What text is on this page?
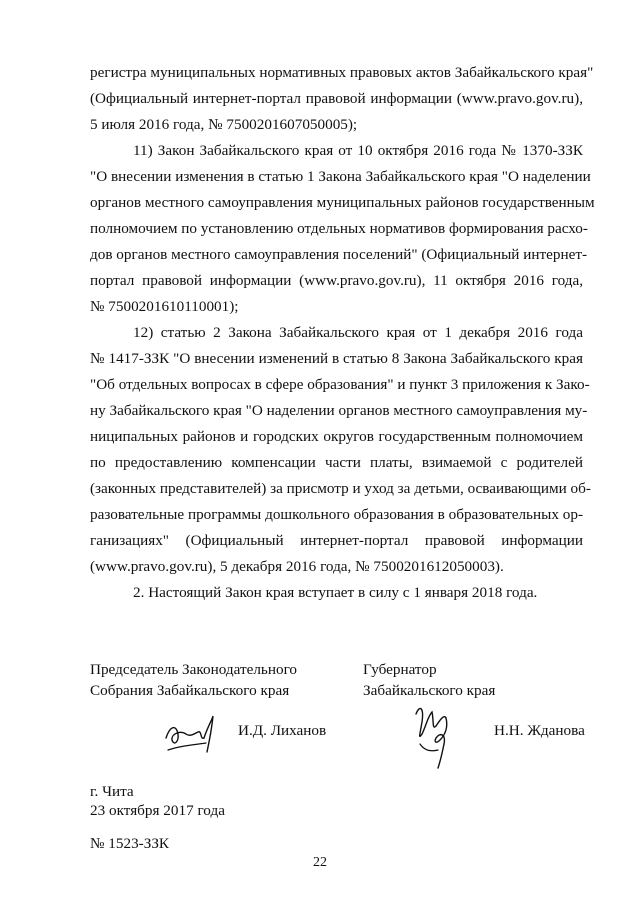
регистра муниципальных нормативных правовых актов Забайкальского края"
(Официальный интернет-портал правовой информации (www.pravo.gov.ru),
5 июля 2016 года, № 7500201607050005);
11) Закон Забайкальского края от 10 октября 2016 года № 1370-ЗЗК
"О внесении изменения в статью 1 Закона Забайкальского края "О наделении
органов местного самоуправления муниципальных районов государственным
полномочием по установлению отдельных нормативов формирования расхо-
дов органов местного самоуправления поселений" (Официальный интернет-
портал правовой информации (www.pravo.gov.ru), 11 октября 2016 года,
№ 7500201610110001);
12) статью 2 Закона Забайкальского края от 1 декабря 2016 года
№ 1417-ЗЗК "О внесении изменений в статью 8 Закона Забайкальского края
"Об отдельных вопросах в сфере образования" и пункт 3 приложения к Зако-
ну Забайкальского края "О наделении органов местного самоуправления му-
ниципальных районов и городских округов государственным полномочием
по предоставлению компенсации части платы, взимаемой с родителей
(законных представителей) за присмотр и уход за детьми, осваивающими об-
разовательные программы дошкольного образования в образовательных ор-
ганизациях" (Официальный интернет-портал правовой информации
(www.pravo.gov.ru), 5 декабря 2016 года, № 7500201612050003).
2. Настоящий Закон края вступает в силу с 1 января 2018 года.
Председатель Законодательного
Собрания Забайкальского края
Губернатор
Забайкальского края
И.Д. Лиханов	Н.Н. Жданова
г. Чита
23 октября 2017 года
№ 1523-ЗЗК
22
